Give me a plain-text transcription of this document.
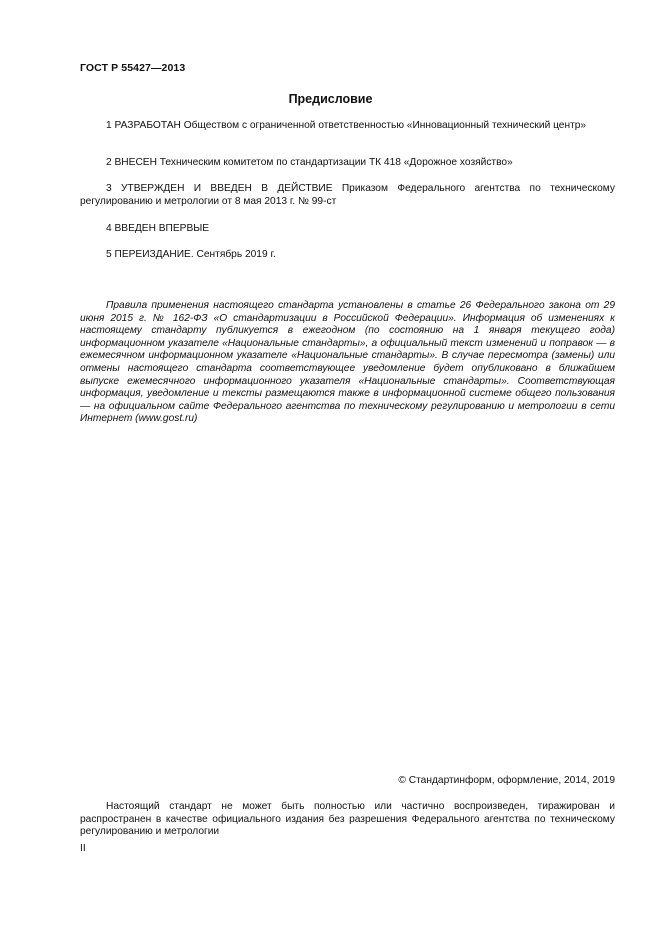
ГОСТ Р 55427—2013
Предисловие

1 РАЗРАБОТАН Обществом с ограниченной ответственностью «Инновационный технический центр»

2 ВНЕСЕН Техническим комитетом по стандартизации ТК 418 «Дорожное хозяйство»

3 УТВЕРЖДЕН И ВВЕДЕН В ДЕЙСТВИЕ Приказом Федерального агентства по техническому регулированию и метрологии от 8 мая 2013 г. № 99-ст

4 ВВЕДЕН ВПЕРВЫЕ

5 ПЕРЕИЗДАНИЕ. Сентябрь 2019 г.

Правила применения настоящего стандарта установлены в статье 26 Федерального закона от 29 июня 2015 г. № 162-ФЗ «О стандартизации в Российской Федерации». Информация об изменениях к настоящему стандарту публикуется в ежегодном (по состоянию на 1 января текущего года) информационном указателе «Национальные стандарты», а официальный текст изменений и поправок — в ежемесячном информационном указателе «Национальные стандарты». В случае пересмотра (замены) или отмены настоящего стандарта соответствующее уведомление будет опубликовано в ближайшем выпуске ежемесячного информационного указателя «Национальные стандарты». Соответствующая информация, уведомление и тексты размещаются также в информационной системе общего пользования — на официальном сайте Федерального агентства по техническому регулированию и метрологии в сети Интернет (www.gost.ru)

© Стандартинформ, оформление, 2014, 2019

Настоящий стандарт не может быть полностью или частично воспроизведен, тиражирован и распространен в качестве официального издания без разрешения Федерального агентства по техническому регулированию и метрологии

II
